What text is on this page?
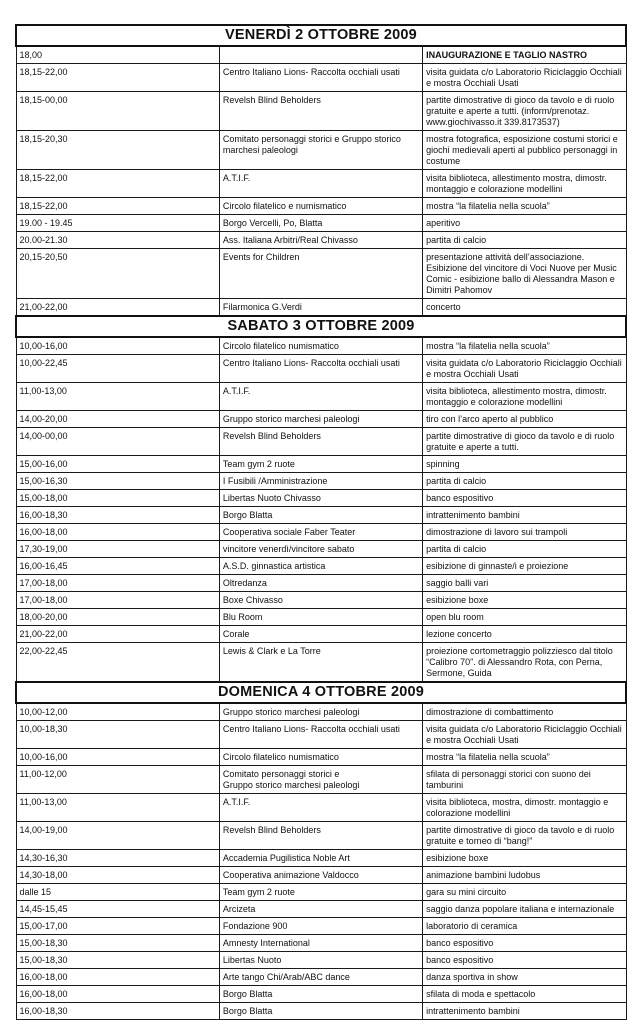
VENERDÌ 2 OTTOBRE 2009		
18,00		INAUGURAZIONE E TAGLIO NASTRO
18,15-22,00	Centro Italiano Lions- Raccolta occhiali usati	visita guidata c/o Laboratorio Riciclaggio Occhiali e mostra Occhiali Usati
18,15-00,00	Revelsh Blind Beholders	partite dimostrative di gioco da tavolo e di ruolo gratuite e aperte a tutti. (inform/prenotaz. www.giochivasso.it 339.8173537)
18,15-20,30	Comitato personaggi storici e Gruppo storico marchesi paleologi	mostra fotografica, esposizione costumi storici e giochi medievali aperti al pubblico personaggi in costume
18,15-22,00	A.T.I.F.	visita biblioteca, allestimento mostra, dimostr. montaggio e colorazione modellini
18,15-22,00	Circolo filatelico e numismatico	mostra “la filatelia nella scuola”
19.00 - 19.45	Borgo Vercelli, Po, Blatta	aperitivo
20.00-21.30	Ass. Italiana Arbitri/Real Chivasso	partita di calcio
20,15-20,50	Events for Children	presentazione attività dell’associazione. Esibizione del vincitore di Voci Nuove per Music Comic - esibizione ballo di Alessandra Mason e Dimitri Pahomov
21,00-22,00	Filarmonica G.Verdi	concerto
SABATO 3 OTTOBRE 2009		
10,00-16,00	Circolo filatelico numismatico	mostra “la filatelia nella scuola”
10,00-22,45	Centro Italiano Lions- Raccolta occhiali usati	visita guidata c/o Laboratorio Riciclaggio Occhiali e mostra Occhiali Usati
11,00-13,00	A.T.I.F.	visita biblioteca, allestimento mostra, dimostr. montaggio e colorazione modellini
14,00-20,00	Gruppo storico marchesi paleologi	tiro con l’arco aperto al pubblico
14,00-00,00	Revelsh Blind Beholders	partite dimostrative di gioco da tavolo e di ruolo gratuite e aperte a tutti.
15,00-16,00	Team gym 2 ruote	spinning
15,00-16,30	I Fusibili /Amministrazione	partita di calcio
15,00-18,00	Libertas Nuoto Chivasso	banco espositivo
16,00-18,30	Borgo Blatta	intrattenimento bambini
16,00-18,00	Cooperativa sociale Faber Teater	dimostrazione di lavoro sui trampoli
17,30-19,00	vincitore venerdì/vincitore sabato	partita di calcio
16,00-16,45	A.S.D. ginnastica artistica	esibizione di ginnaste/i e proiezione
17,00-18,00	Oltredanza	saggio balli vari
17,00-18,00	Boxe Chivasso	esibizione boxe
18,00-20,00	Blu Room	open blu room
21,00-22,00	Corale	lezione concerto
22,00-22,45	Lewis & Clark e La Torre	proiezione cortometraggio polizziesco dal titolo “Calibro 70”. di Alessandro Rota, con Perna, Sermone, Guida
DOMENICA 4 OTTOBRE 2009		
10,00-12,00	Gruppo storico marchesi paleologi	dimostrazione di combattimento
10,00-18,30	Centro Italiano Lions- Raccolta occhiali usati	visita guidata c/o Laboratorio Riciclaggio Occhiali e mostra Occhiali Usati
10,00-16,00	Circolo filatelico numismatico	mostra “la filatelia nella scuola”
11,00-12,00	Comitato personaggi storici e
Gruppo storico marchesi paleologi	sfilata di personaggi storici con suono dei tamburini
11,00-13,00	A.T.I.F.	visita biblioteca, mostra, dimostr. montaggio e colorazione modellini
14,00-19,00	Revelsh Blind Beholders	partite dimostrative di gioco da tavolo e di ruolo gratuite e torneo di “bang!”
14,30-16,30	Accademia Pugilistica Noble Art	esibizione boxe
14,30-18,00	Cooperativa animazione Valdocco	animazione bambini ludobus
dalle 15	Team gym 2 ruote	gara su mini circuito
14,45-15,45	Arcizeta	saggio danza popolare italiana e internazionale
15,00-17,00	Fondazione 900	laboratorio di ceramica
15,00-18,30	Amnesty International	banco espositivo
15,00-18,30	Libertas Nuoto	banco espositivo
16,00-18,00	Arte tango Chi/Arab/ABC dance	danza sportiva in show
16,00-18,00	Borgo Blatta	sfilata di moda e spettacolo
16,00-18,30	Borgo Blatta	intrattenimento bambini
